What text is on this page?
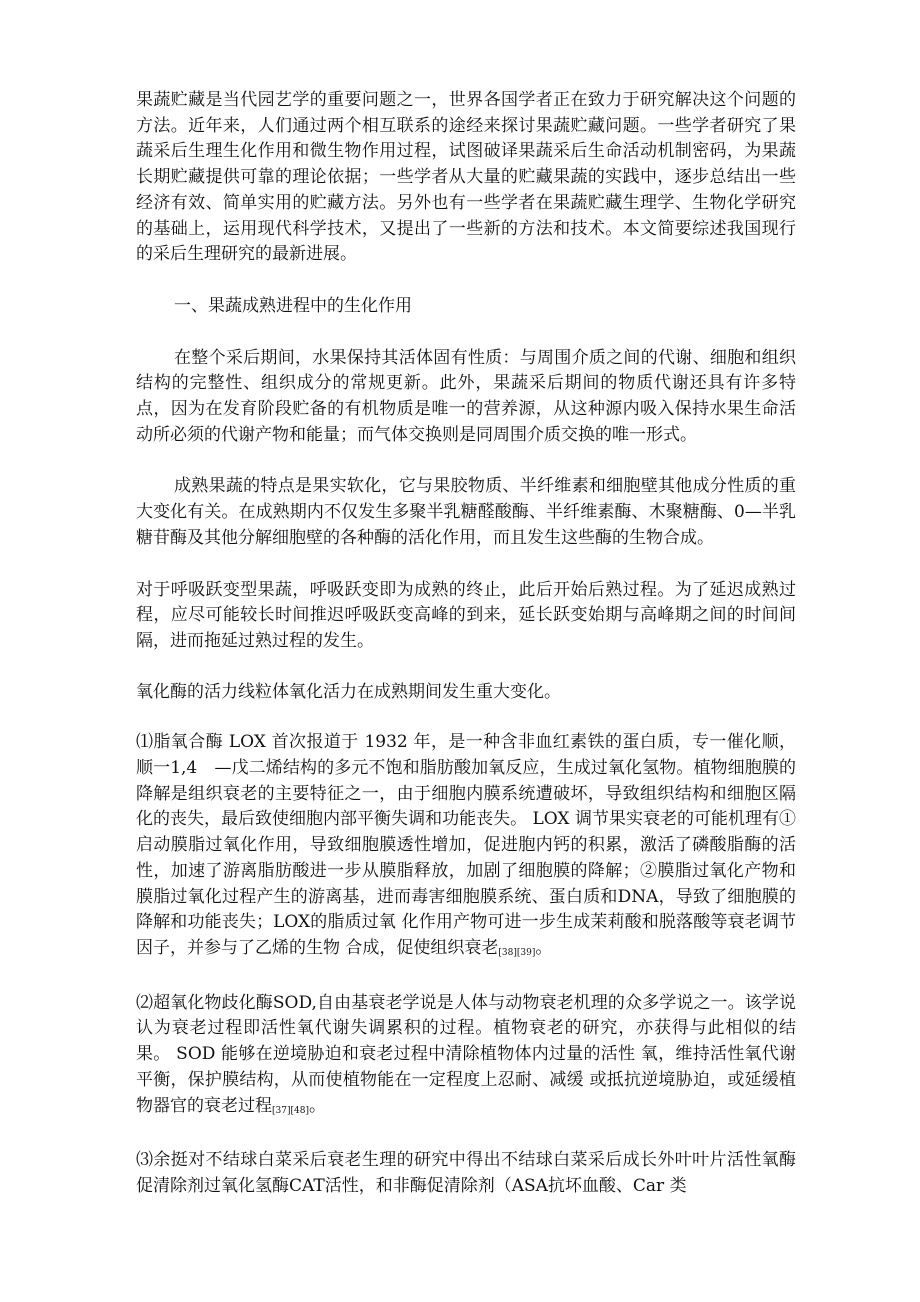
果蔬贮藏是当代园艺学的重要问题之一，世界各国学者正在致力于研究解决这个问题的方法。近年来，人们通过两个相互联系的途经来探讨果蔬贮藏问题。一些学者研究了果蔬采后生理生化作用和微生物作用过程，试图破译果蔬采后生命活动机制密码，为果蔬长期贮藏提供可靠的理论依据；一些学者从大量的贮藏果蔬的实践中，逐步总结出一些经济有效、简单实用的贮藏方法。另外也有一些学者在果蔬贮藏生理学、生物化学研究的基础上，运用现代科学技术，又提出了一些新的方法和技术。本文简要综述我国现行的采后生理研究的最新进展。

一、果蔬成熟进程中的生化作用

在整个采后期间，水果保持其活体固有性质：与周围介质之间的代谢、细胞和组织结构的完整性、组织成分的常规更新。此外，果蔬采后期间的物质代谢还具有许多特点，因为在发育阶段贮备的有机物质是唯一的营养源，从这种源内吸入保持水果生命活动所必须的代谢产物和能量；而气体交换则是同周围介质交换的唯一形式。

成熟果蔬的特点是果实软化，它与果胶物质、半纤维素和细胞壁其他成分性质的重大变化有关。在成熟期内不仅发生多聚半乳糖醛酸酶、半纤维素酶、木聚糖酶、0—半乳糖苷酶及其他分解细胞壁的各种酶的活化作用，而且发生这些酶的生物合成。

对于呼吸跃变型果蔬，呼吸跃变即为成熟的终止，此后开始后熟过程。为了延迟成熟过程，应尽可能较长时间推迟呼吸跃变高峰的到来，延长跃变始期与高峰期之间的时间间隔，进而拖延过熟过程的发生。

氧化酶的活力线粒体氧化活力在成熟期间发生重大变化。

⑴脂氧合酶 LOX 首次报道于 1932 年，是一种含非血红素铁的蛋白质，专一催化顺，顺一1,4　—戊二烯结构的多元不饱和脂肪酸加氧反应，生成过氧化氢物。植物细胞膜的降解是组织衰老的主要特征之一，由于细胞内膜系统遭破坏，导致组织结构和细胞区隔化的丧失，最后致使细胞内部平衡失调和功能丧失。 LOX 调节果实衰老的可能机理有①启动膜脂过氧化作用，导致细胞膜透性增加，促进胞内钙的积累，激活了磷酸脂酶的活性，加速了游离脂肪酸进一步从膜脂释放，加剧了细胞膜的降解；②膜脂过氧化产物和膜脂过氧化过程产生的游离基，进而毒害细胞膜系统、蛋白质和DNA，导致了细胞膜的降解和功能丧失；LOX的脂质过氧 化作用产物可进一步生成茉莉酸和脱落酸等衰老调节因子，并参与了乙烯的生物 合成，促使组织衰老[38][39]。

⑵超氧化物歧化酶SOD,自由基衰老学说是人体与动物衰老机理的众多学说之一。该学说认为衰老过程即活性氧代谢失调累积的过程。植物衰老的研究，亦获得与此相似的结果。 SOD 能够在逆境胁迫和衰老过程中清除植物体内过量的活性 氧，维持活性氧代谢平衡，保护膜结构，从而使植物能在一定程度上忍耐、减缓 或抵抗逆境胁迫，或延缓植物器官的衰老过程[37][48]。

⑶余挺对不结球白菜采后衰老生理的研究中得出不结球白菜采后成长外叶叶片活性氧酶促清除剂过氧化氢酶CAT活性，和非酶促清除剂（ASA抗坏血酸、Car 类
